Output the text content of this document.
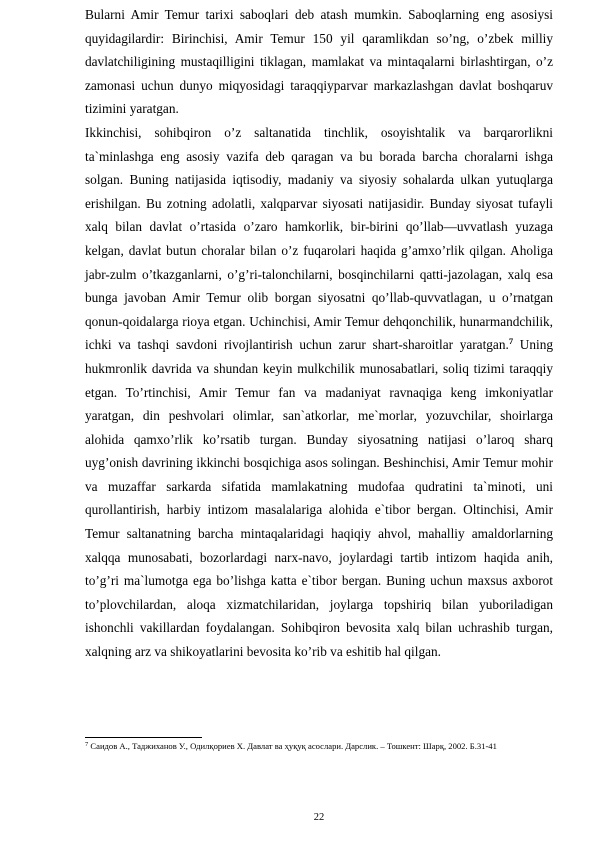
Bularni Amir Temur tarixi saboqlari deb atash mumkin. Saboqlarning eng asosiysi quyidagilardir: Birinchisi, Amir Temur 150 yil qaramlikdan so’ng, o’zbek milliy davlatchiligining mustaqilligini tiklagan, mamlakat va mintaqalarni birlashtirgan, o’z zamonasi uchun dunyo miqyosidagi taraqqiyparvar markazlashgan davlat boshqaruv tizimini yaratgan.

Ikkinchisi, sohibqiron o’z saltanatida tinchlik, osoyishtalik va barqarorlikni ta`minlashga eng asosiy vazifa deb qaragan va bu borada barcha choralarni ishga solgan. Buning natijasida iqtisodiy, madaniy va siyosiy sohalarda ulkan yutuqlarga erishilgan. Bu zotning adolatli, xalqparvar siyosati natijasidir. Bunday siyosat tufayli xalq bilan davlat o’rtasida o’zaro hamkorlik, bir-birini qo’llab—uvvatlash yuzaga kelgan, davlat butun choralar bilan o’z fuqarolari haqida g’amxo’rlik qilgan. Aholiga jabr-zulm o’tkazganlarni, o’g’ri-talonchilarni, bosqinchilarni qatti-jazolagan, xalq esa bunga javoban Amir Temur olib borgan siyosatni qo’llab-quvvatlagan, u o’rnatgan qonun-qoidalarga rioya etgan. Uchinchisi, Amir Temur dehqonchilik, hunarmandchilik, ichki va tashqi savdoni rivojlantirish uchun zarur shart-sharoitlar yaratgan.$^7$ Uning hukmronlik davrida va shundan keyin mulkchilik munosabatlari, soliq tizimi taraqqiy etgan. To’rtinchisi, Amir Temur fan va madaniyat ravnaqiga keng imkoniyatlar yaratgan, din peshvolari olimlar, san`atkorlar, me`morlar, yozuvchilar, shoirlarga alohida qamxo’rlik ko’rsatib turgan. Bunday siyosatning natijasi o’laroq sharq uyg’onish davrining ikkinchi bosqichiga asos solingan. Beshinchisi, Amir Temur mohir va muzaffar sarkarda sifatida mamlakatning mudofaa qudratini ta`minoti, uni qurollantirish, harbiy intizom masalalariga alohida e`tibor bergan. Oltinchisi, Amir Temur saltanatning barcha mintaqalaridagi haqiqiy ahvol, mahalliy amaldorlarning xalqqa munosabati, bozorlardagi narx-navo, joylardagi tartib intizom haqida anih, to’g’ri ma`lumotga ega bo’lishga katta e`tibor bergan. Buning uchun maxsus axborot to’plovchilardan, aloqa xizmatchilaridan, joylarga topshiriq bilan yuboriladigan ishonchli vakillardan foydalangan. Sohibqiron bevosita xalq bilan uchrashib turgan, xalqning arz va shikoyatlarini bevosita ko’rib va eshitib hal qilgan.

$^7$ Саидов А., Таджиханов У., Одилқориев Х. Давлат ва ҳуқуқ асослари. Дарслик. – Тошкент: Шарқ, 2002. Б.31-41
22
